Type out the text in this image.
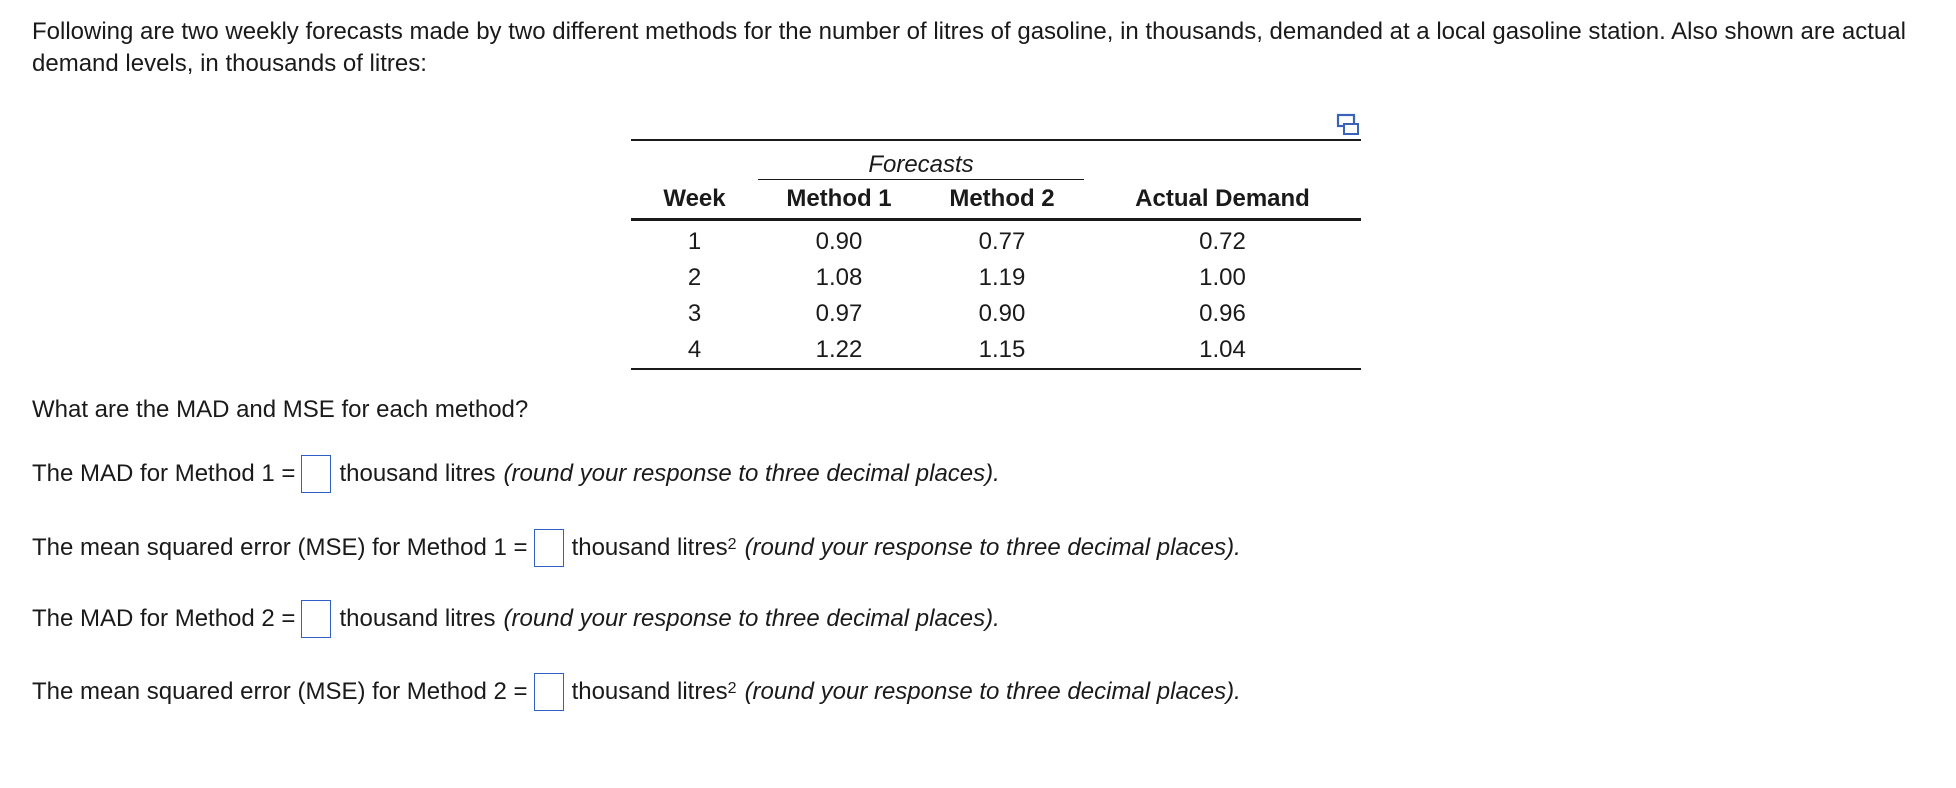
Following are two weekly forecasts made by two different methods for the number of litres of gasoline, in thousands, demanded at a local gasoline station. Also shown are actual demand levels, in thousands of litres:

	Forecasts		
Week	Method 1	Method 2	Actual Demand
1	0.90	0.77	0.72
2	1.08	1.19	1.00
3	0.97	0.90	0.96
4	1.22	1.15	1.04

What are the MAD and MSE for each method?

The MAD for Method 1 = thousand litres (round your response to three decimal places).
The mean squared error (MSE) for Method 1 = thousand litres$^2$ (round your response to three decimal places).
The MAD for Method 2 = thousand litres (round your response to three decimal places).
The mean squared error (MSE) for Method 2 = thousand litres$^2$ (round your response to three decimal places).
